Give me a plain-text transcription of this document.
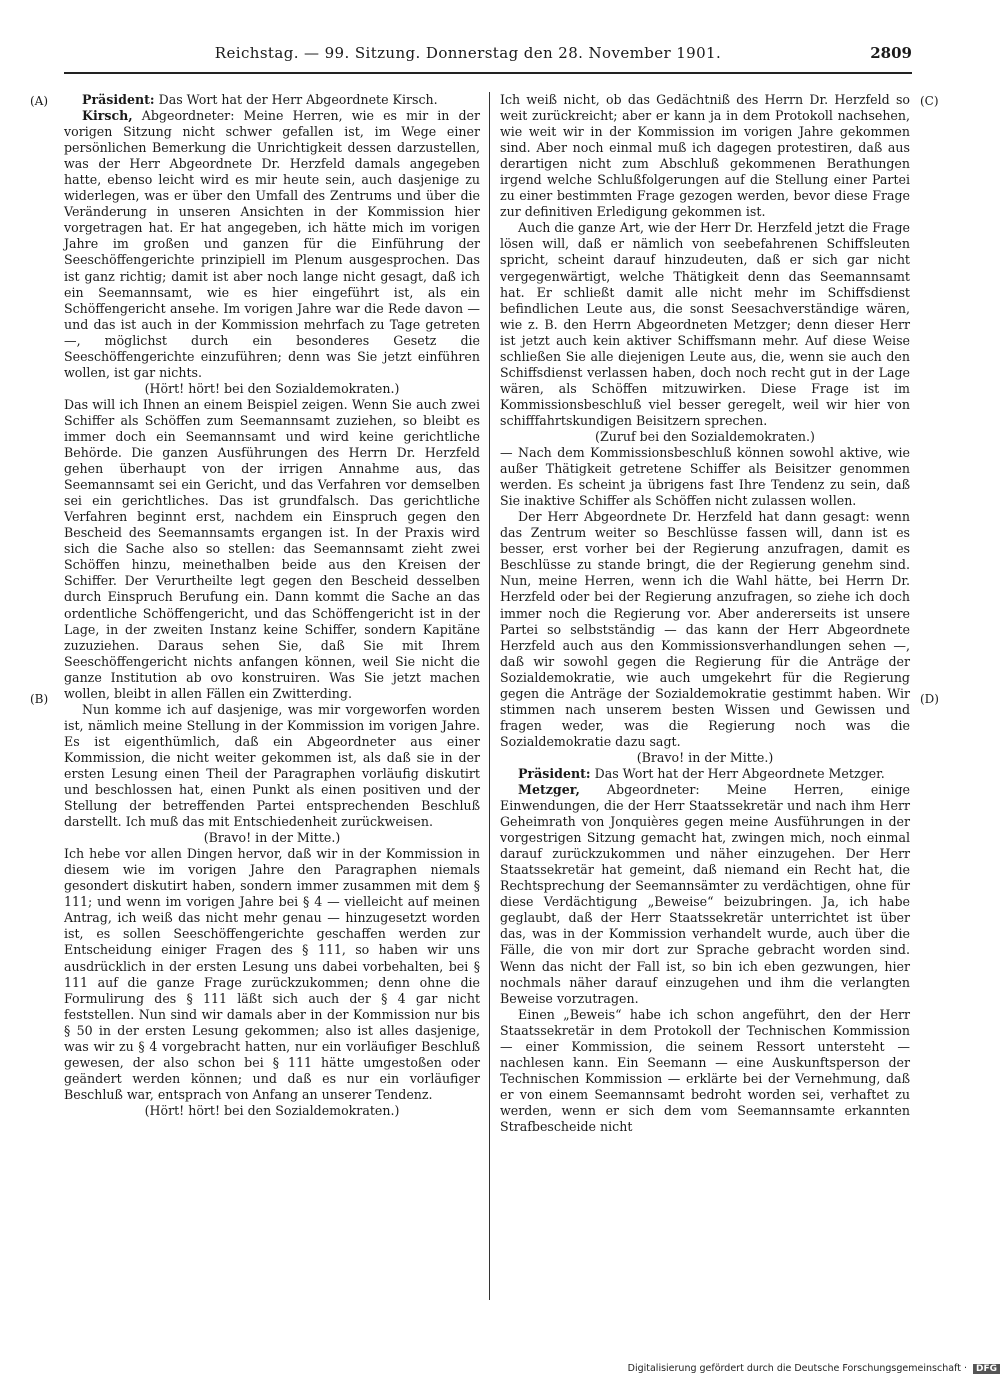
Reichstag. — 99. Sitzung. Donnerstag den 28. November 1901.	2809
(A)
(B)
(C)
(D)

Präsident: Das Wort hat der Herr Abgeordnete Kirsch.

Kirsch, Abgeordneter: Meine Herren, wie es mir in der vorigen Sitzung nicht schwer gefallen ist, im Wege einer persönlichen Bemerkung die Unrichtigkeit dessen darzustellen, was der Herr Abgeordnete Dr. Herzfeld damals angegeben hatte, ebenso leicht wird es mir heute sein, auch dasjenige zu widerlegen, was er über den Umfall des Zentrums und über die Veränderung in unseren Ansichten in der Kommission hier vorgetragen hat. Er hat angegeben, ich hätte mich im vorigen Jahre im großen und ganzen für die Einführung der Seeschöffengerichte prinzipiell im Plenum ausgesprochen. Das ist ganz richtig; damit ist aber noch lange nicht gesagt, daß ich ein Seemannsamt, wie es hier eingeführt ist, als ein Schöffengericht ansehe. Im vorigen Jahre war die Rede davon — und das ist auch in der Kommission mehrfach zu Tage getreten —, möglichst durch ein besonderes Gesetz die Seeschöffengerichte einzuführen; denn was Sie jetzt einführen wollen, ist gar nichts.

(Hört! hört! bei den Sozialdemokraten.)

Das will ich Ihnen an einem Beispiel zeigen. Wenn Sie auch zwei Schiffer als Schöffen zum Seemannsamt zuziehen, so bleibt es immer doch ein Seemannsamt und wird keine gerichtliche Behörde. Die ganzen Ausführungen des Herrn Dr. Herzfeld gehen überhaupt von der irrigen Annahme aus, das Seemannsamt sei ein Gericht, und das Verfahren vor demselben sei ein gerichtliches. Das ist grundfalsch. Das gerichtliche Verfahren beginnt erst, nachdem ein Einspruch gegen den Bescheid des Seemannsamts ergangen ist. In der Praxis wird sich die Sache also so stellen: das Seemannsamt zieht zwei Schöffen hinzu, meinethalben beide aus den Kreisen der Schiffer. Der Verurtheilte legt gegen den Bescheid desselben durch Einspruch Berufung ein. Dann kommt die Sache an das ordentliche Schöffengericht, und das Schöffengericht ist in der Lage, in der zweiten Instanz keine Schiffer, sondern Kapitäne zuzuziehen. Daraus sehen Sie, daß Sie mit Ihrem Seeschöffengericht nichts anfangen können, weil Sie nicht die ganze Institution ab ovo konstruiren. Was Sie jetzt machen wollen, bleibt in allen Fällen ein Zwitterding.

Nun komme ich auf dasjenige, was mir vorgeworfen worden ist, nämlich meine Stellung in der Kommission im vorigen Jahre. Es ist eigenthümlich, daß ein Abgeordneter aus einer Kommission, die nicht weiter gekommen ist, als daß sie in der ersten Lesung einen Theil der Paragraphen vorläufig diskutirt und beschlossen hat, einen Punkt als einen positiven und der Stellung der betreffenden Partei entsprechenden Beschluß darstellt. Ich muß das mit Entschiedenheit zurückweisen.

(Bravo! in der Mitte.)

Ich hebe vor allen Dingen hervor, daß wir in der Kommission in diesem wie im vorigen Jahre den Paragraphen niemals gesondert diskutirt haben, sondern immer zusammen mit dem § 111; und wenn im vorigen Jahre bei § 4 — vielleicht auf meinen Antrag, ich weiß das nicht mehr genau — hinzugesetzt worden ist, es sollen Seeschöffengerichte geschaffen werden zur Entscheidung einiger Fragen des § 111, so haben wir uns ausdrücklich in der ersten Lesung uns dabei vorbehalten, bei § 111 auf die ganze Frage zurückzukommen; denn ohne die Formulirung des § 111 läßt sich auch der § 4 gar nicht feststellen. Nun sind wir damals aber in der Kommission nur bis § 50 in der ersten Lesung gekommen; also ist alles dasjenige, was wir zu § 4 vorgebracht hatten, nur ein vorläufiger Beschluß gewesen, der also schon bei § 111 hätte umgestoßen oder geändert werden können; und daß es nur ein vorläufiger Beschluß war, entsprach von Anfang an unserer Tendenz.

(Hört! hört! bei den Sozialdemokraten.)

Ich weiß nicht, ob das Gedächtniß des Herrn Dr. Herzfeld so weit zurückreicht; aber er kann ja in dem Protokoll nachsehen, wie weit wir in der Kommission im vorigen Jahre gekommen sind. Aber noch einmal muß ich dagegen protestiren, daß aus derartigen nicht zum Abschluß gekommenen Berathungen irgend welche Schlußfolgerungen auf die Stellung einer Partei zu einer bestimmten Frage gezogen werden, bevor diese Frage zur definitiven Erledigung gekommen ist.

Auch die ganze Art, wie der Herr Dr. Herzfeld jetzt die Frage lösen will, daß er nämlich von seebefahrenen Schiffsleuten spricht, scheint darauf hinzudeuten, daß er sich gar nicht vergegenwärtigt, welche Thätigkeit denn das Seemannsamt hat. Er schließt damit alle nicht mehr im Schiffsdienst befindlichen Leute aus, die sonst Seesachverständige wären, wie z. B. den Herrn Abgeordneten Metzger; denn dieser Herr ist jetzt auch kein aktiver Schiffsmann mehr. Auf diese Weise schließen Sie alle diejenigen Leute aus, die, wenn sie auch den Schiffsdienst verlassen haben, doch noch recht gut in der Lage wären, als Schöffen mitzuwirken. Diese Frage ist im Kommissionsbeschluß viel besser geregelt, weil wir hier von schifffahrtskundigen Beisitzern sprechen.

(Zuruf bei den Sozialdemokraten.)

— Nach dem Kommissionsbeschluß können sowohl aktive, wie außer Thätigkeit getretene Schiffer als Beisitzer genommen werden. Es scheint ja übrigens fast Ihre Tendenz zu sein, daß Sie inaktive Schiffer als Schöffen nicht zulassen wollen.

Der Herr Abgeordnete Dr. Herzfeld hat dann gesagt: wenn das Zentrum weiter so Beschlüsse fassen will, dann ist es besser, erst vorher bei der Regierung anzufragen, damit es Beschlüsse zu stande bringt, die der Regierung genehm sind. Nun, meine Herren, wenn ich die Wahl hätte, bei Herrn Dr. Herzfeld oder bei der Regierung anzufragen, so ziehe ich doch immer noch die Regierung vor. Aber andererseits ist unsere Partei so selbstständig — das kann der Herr Abgeordnete Herzfeld auch aus den Kommissionsverhandlungen sehen —, daß wir sowohl gegen die Regierung für die Anträge der Sozialdemokratie, wie auch umgekehrt für die Regierung gegen die Anträge der Sozialdemokratie gestimmt haben. Wir stimmen nach unserem besten Wissen und Gewissen und fragen weder, was die Regierung noch was die Sozialdemokratie dazu sagt.

(Bravo! in der Mitte.)

Präsident: Das Wort hat der Herr Abgeordnete Metzger.

Metzger, Abgeordneter: Meine Herren, einige Einwendungen, die der Herr Staatssekretär und nach ihm Herr Geheimrath von Jonquières gegen meine Ausführungen in der vorgestrigen Sitzung gemacht hat, zwingen mich, noch einmal darauf zurückzukommen und näher einzugehen. Der Herr Staatssekretär hat gemeint, daß niemand ein Recht hat, die Rechtsprechung der Seemannsämter zu verdächtigen, ohne für diese Verdächtigung „Beweise“ beizubringen. Ja, ich habe geglaubt, daß der Herr Staatssekretär unterrichtet ist über das, was in der Kommission verhandelt wurde, auch über die Fälle, die von mir dort zur Sprache gebracht worden sind. Wenn das nicht der Fall ist, so bin ich eben gezwungen, hier nochmals näher darauf einzugehen und ihm die verlangten Beweise vorzutragen.

Einen „Beweis“ habe ich schon angeführt, den der Herr Staatssekretär in dem Protokoll der Technischen Kommission — einer Kommission, die seinem Ressort untersteht — nachlesen kann. Ein Seemann — eine Auskunftsperson der Technischen Kommission — erklärte bei der Vernehmung, daß er von einem Seemannsamt bedroht worden sei, verhaftet zu werden, wenn er sich dem vom Seemannsamte erkannten Strafbescheide nicht

Digitalisierung gefördert durch die Deutsche Forschungsgemeinschaft · DFG
